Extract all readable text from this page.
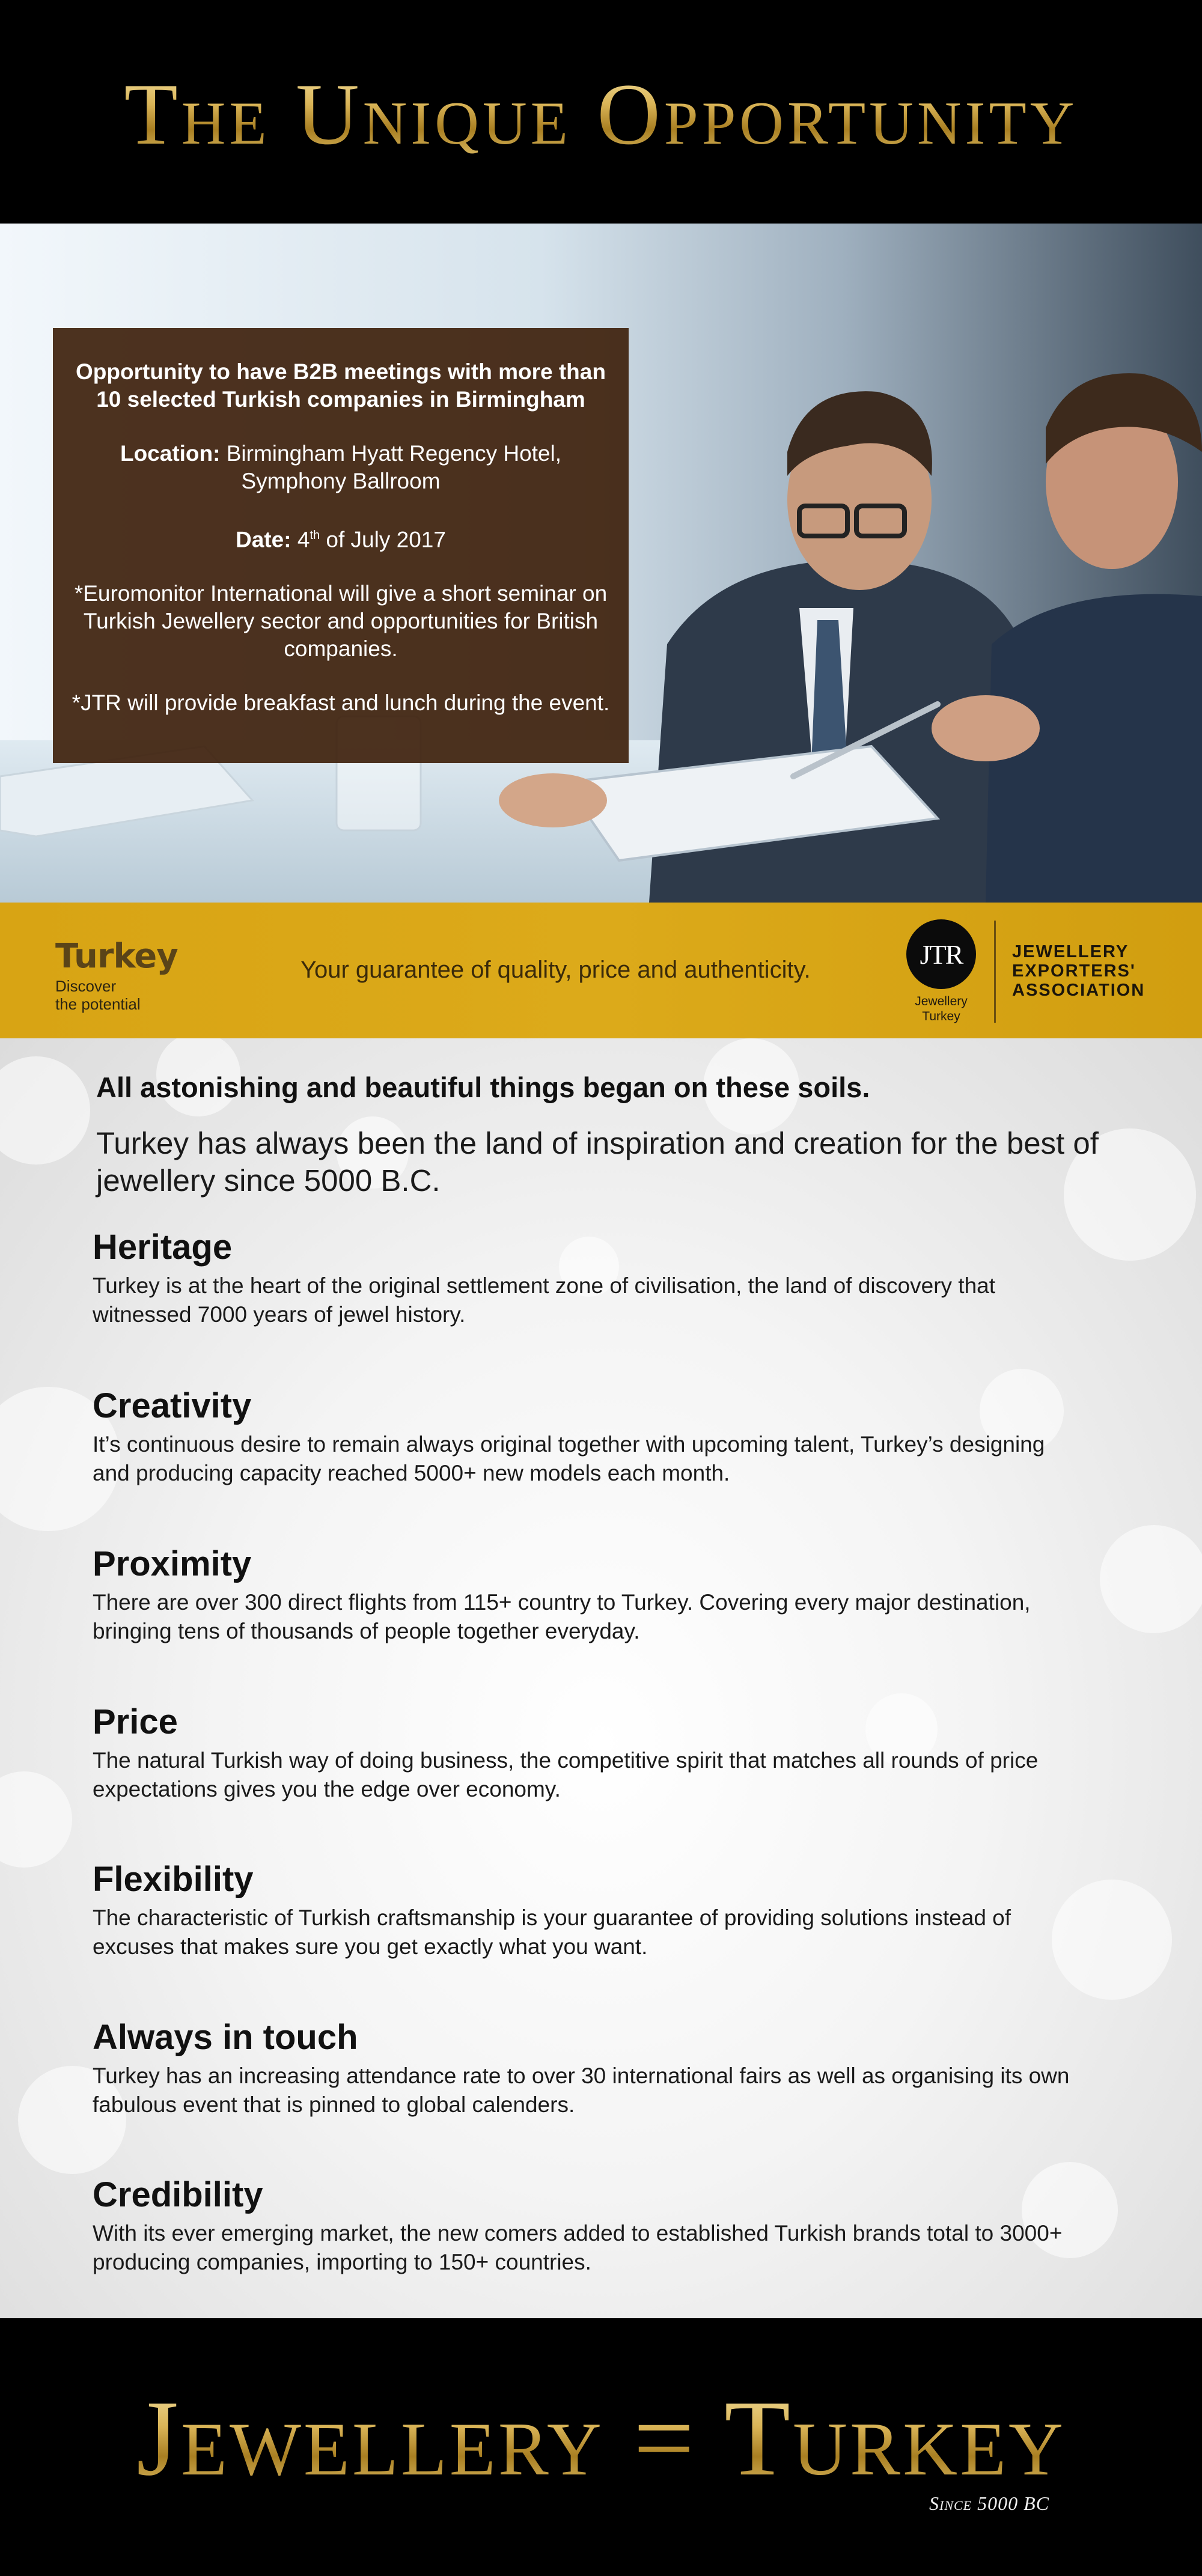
The Unique Opportunity

Opportunity to have B2B meetings with more than 10 selected Turkish companies in Birmingham

Location: Birmingham Hyatt Regency Hotel, Symphony Ballroom

Date: 4th of July 2017

*Euromonitor International will give a short seminar on Turkish Jewellery sector and opportunities for British companies.

*JTR will provide breakfast and lunch during the event.

Turkey
Discover
the potential
Your guarantee of quality, price and authenticity.
JTR
Jewellery
Turkey
JEWELLERY
EXPORTERS'
ASSOCIATION
All astonishing and beautiful things began on these soils.
Turkey has always been the land of inspiration and creation for the best of jewellery since 5000 B.C.
Heritage

Turkey is at the heart of the original settlement zone of civilisation, the land of discovery that witnessed 7000 years of jewel history.

Creativity

It’s continuous desire to remain always original together with upcoming talent, Turkey’s designing and producing capacity reached 5000+ new models each month.

Proximity

There are over 300 direct flights from 115+ country to Turkey. Covering every major destination, bringing tens of thousands of people together everyday.

Price

The natural Turkish way of doing business, the competitive spirit that matches all rounds of price expectations gives you the edge over economy.

Flexibility

The characteristic of Turkish craftsmanship is your guarantee of providing solutions instead of excuses that makes sure you get exactly what you want.

Always in touch

Turkey has an increasing attendance rate to over 30 international fairs as well as organising its own fabulous event that is pinned to global calenders.

Credibility

With its ever emerging market, the new comers added to established Turkish brands total to 3000+ producing companies, importing to 150+ countries.

Jewellery = Turkey
Since 5000 BC
